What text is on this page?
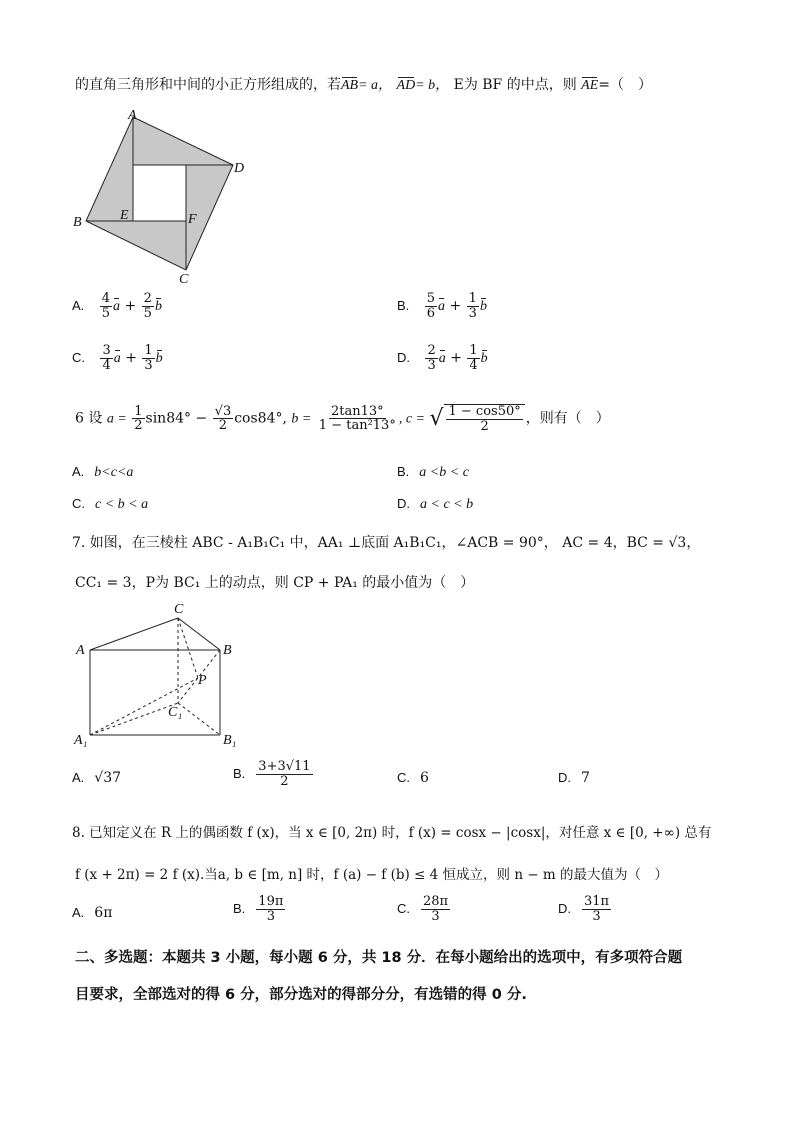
的直角三角形和中间的小正方形组成的，若AB= a， AD= b， E为 BF 的中点，则 AE=（　）
A
D
B
C
E	F
A. $\frac{4}{5}$ $a + \frac{2}{5}$ b	B. $\frac{5}{6}$ $a + \frac{1}{3}$ b
C. $\frac{3}{4}$ $a + \frac{1}{3}$ b	D. $\frac{2}{3}$ $a + \frac{1}{4}$ b
6 设 $a = \frac{1}{2} \sin 84^\circ - \frac{√3}{2} \cos 84^\circ$, $b = \frac{2\tan 13^\circ}{\text{1 − tan²13°}}$ , c = √ $\frac{1 - \cos 50^\circ}{2}$ ，则有（　）
A. b<c<a	B. a <b < c
C. c < b < a	D. a < c < b
7. 如图，在三棱柱 ABC - A₁B₁C₁ 中，AA₁ ⊥底面 A₁B₁C₁，∠ACB = 90°， AC = 4，BC = √3，
CC₁ = 3，P为 BC₁ 上的动点，则 CP + PA₁ 的最小值为（　）
C
A	B
P
C₁
A₁	B₁
A. √37	B. $\frac{3+3√11}{2}$	C. 6	D. 7
8. 已知定义在 R 上的偶函数 f (x)，当 x ∈ [0, 2π) 时，f (x) = cosx − |cosx|，对任意 x ∈ [0, +∞) 总有
f (x + 2π) = 2 f (x).当a, b ∈ [m, n] 时，f (a) − f (b) ≤ 4 恒成立，则 n − m 的最大值为（　）
A. 6π	B. $\frac{19\pi}{3}$	C. $\frac{28\pi}{3}$	D. $\frac{31\pi}{3}$
二、多选题：本题共 3 小题，每小题 6 分，共 18 分．在每小题给出的选项中，有多项符合题
目要求，全部选对的得 6 分，部分选对的得部分分，有选错的得 0 分.
